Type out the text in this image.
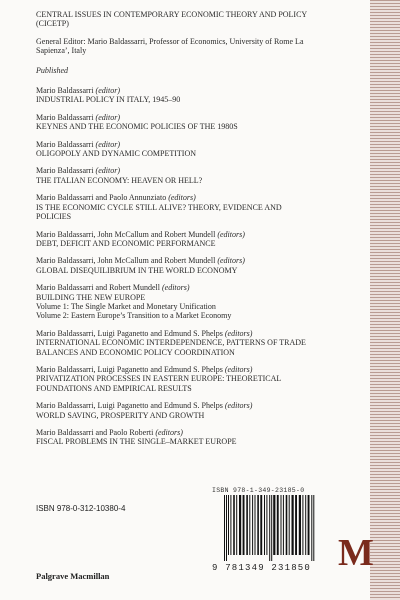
CENTRAL ISSUES IN CONTEMPORARY ECONOMIC THEORY AND POLICY
(CICETP)
General Editor: Mario Baldassarri, Professor of Economics, University of Rome La
Sapienza’, Italy
Published
Mario Baldassarri (editor)
INDUSTRIAL POLICY IN ITALY, 1945–90
Mario Baldassarri (editor)
KEYNES AND THE ECONOMIC POLICIES OF THE 1980S
Mario Baldassarri (editor)
OLIGOPOLY AND DYNAMIC COMPETITION
Mario Baldassarri (editor)
THE ITALIAN ECONOMY: HEAVEN OR HELL?
Mario Baldassarri and Paolo Annunziato (editors)
IS THE ECONOMIC CYCLE STILL ALIVE? THEORY, EVIDENCE AND
POLICIES
Mario Baldassarri, John McCallum and Robert Mundell (editors)
DEBT, DEFICIT AND ECONOMIC PERFORMANCE
Mario Baldassarri, John McCallum and Robert Mundell (editors)
GLOBAL DISEQUILIBRIUM IN THE WORLD ECONOMY
Mario Baldassarri and Robert Mundell (editors)
BUILDING THE NEW EUROPE
Volume 1: The Single Market and Monetary Unification
Volume 2: Eastern Europe’s Transition to a Market Economy
Mario Baldassarri, Luigi Paganetto and Edmund S. Phelps (editors)
INTERNATIONAL ECONOMIC INTERDEPENDENCE, PATTERNS OF TRADE
BALANCES AND ECONOMIC POLICY COORDINATION
Mario Baldassarri, Luigi Paganetto and Edmund S. Phelps (editors)
PRIVATIZATION PROCESSES IN EASTERN EUROPE: THEORETICAL
FOUNDATIONS AND EMPIRICAL RESULTS
Mario Baldassarri, Luigi Paganetto and Edmund S. Phelps (editors)
WORLD SAVING, PROSPERITY AND GROWTH
Mario Baldassarri and Paolo Roberti (editors)
FISCAL PROBLEMS IN THE SINGLE–MARKET EUROPE
ISBN 978-0-312-10380-4
ISBN 978-1-349-23185-0
9 781349 231850
Palgrave Macmillan
M
